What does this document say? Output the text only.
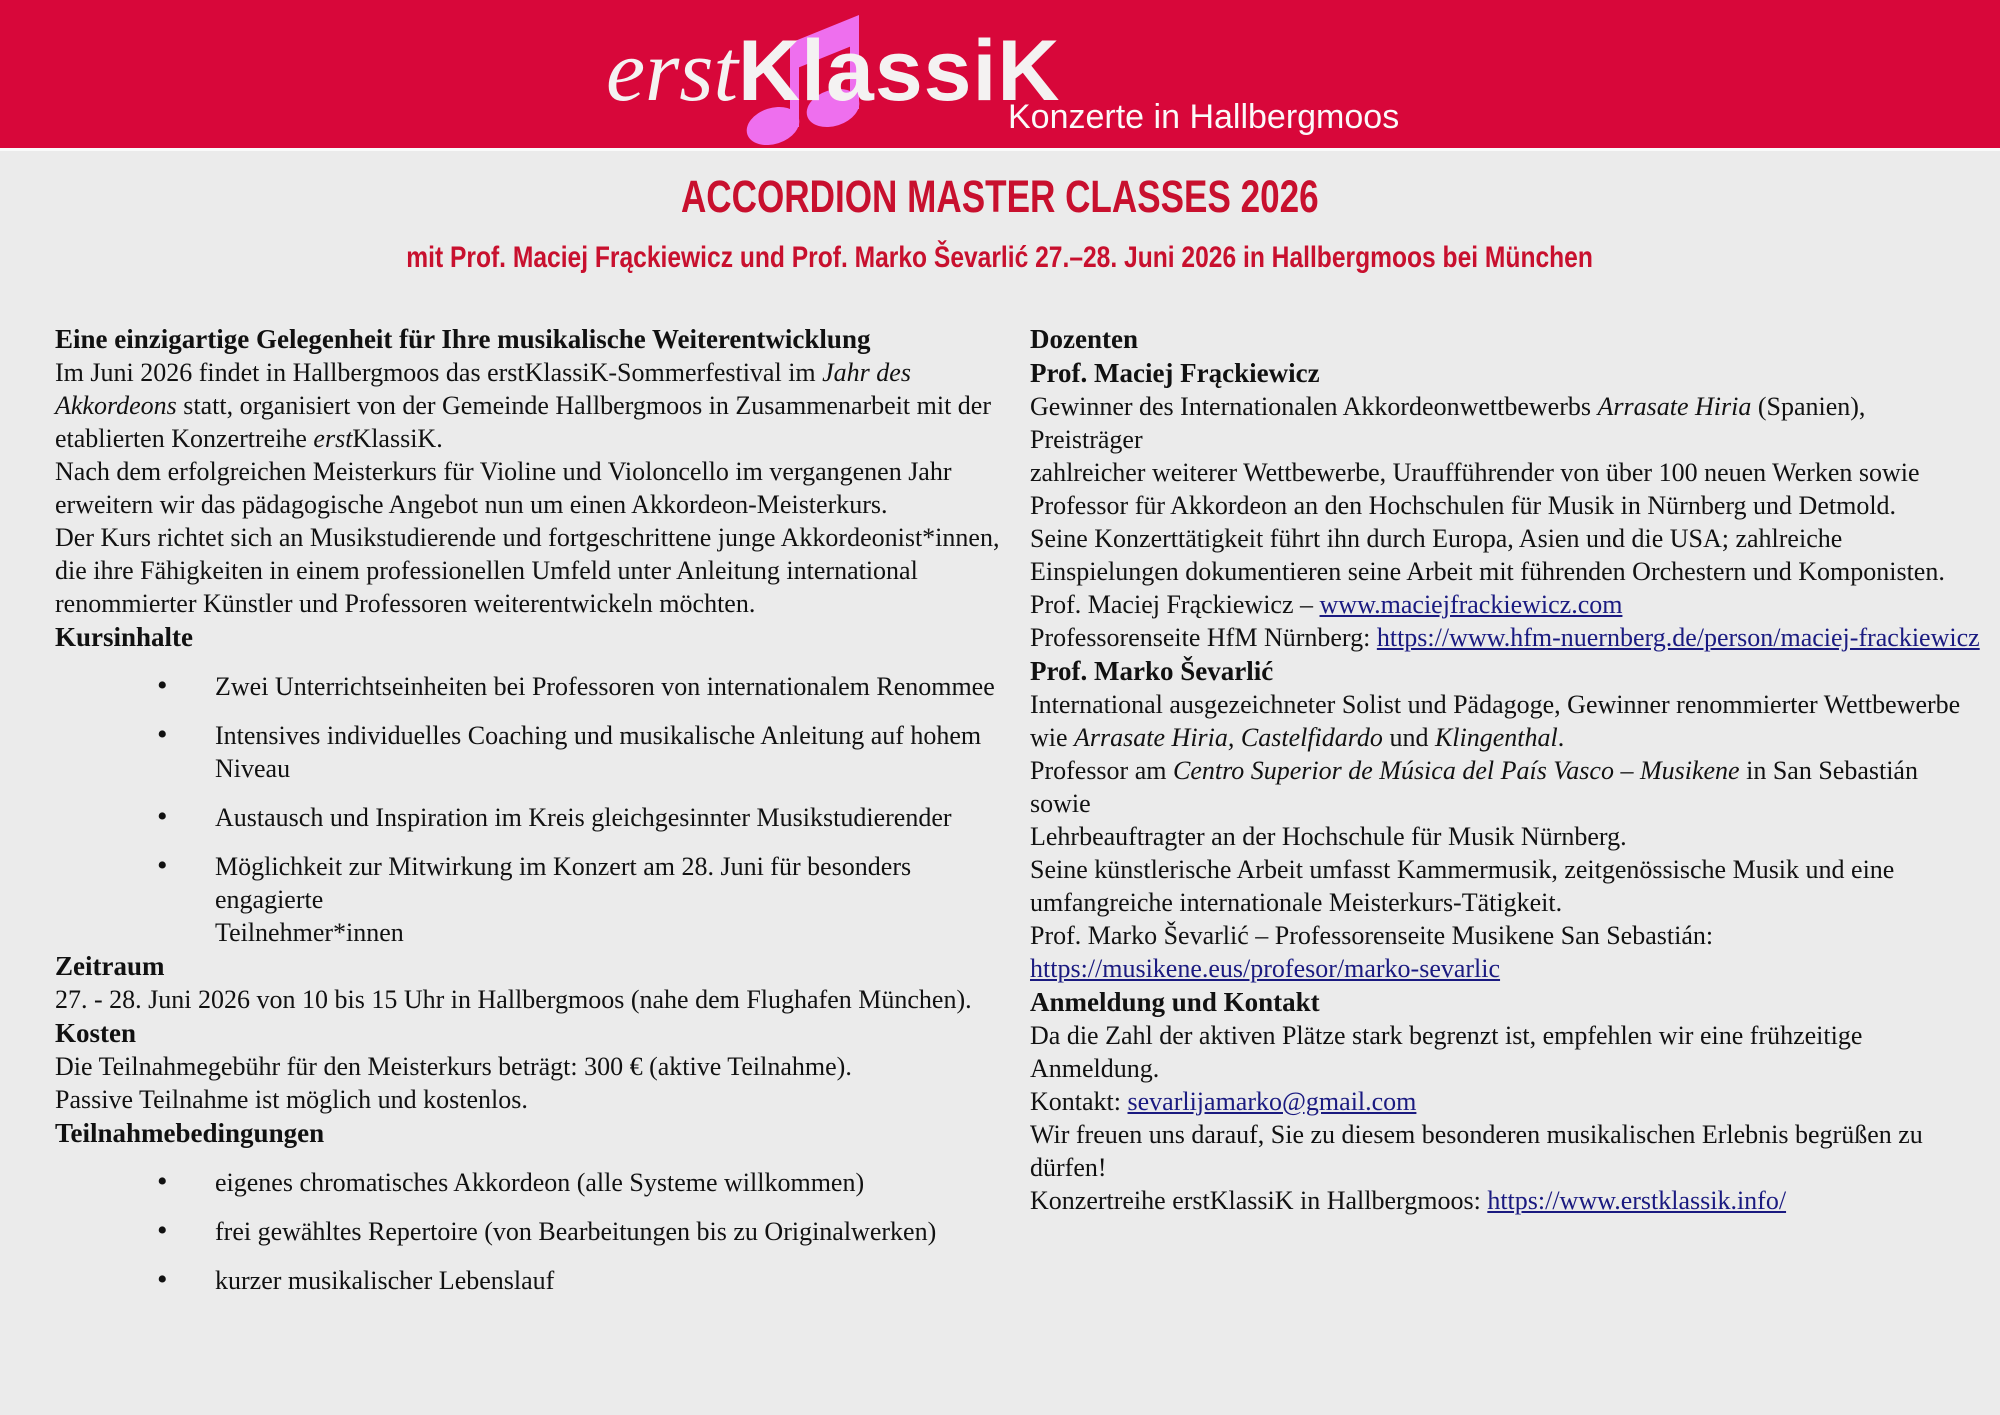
erstKlassiK
Konzerte in Hallbergmoos
ACCORDION MASTER CLASSES 2026
mit Prof. Maciej Frąckiewicz und Prof. Marko Ševarlić 27.–28. Juni 2026 in Hallbergmoos bei München
Eine einzigartige Gelegenheit für Ihre musikalische Weiterentwicklung

Im Juni 2026 findet in Hallbergmoos das erstKlassiK-Sommerfestival im Jahr des Akkordeons statt, organisiert von der Gemeinde Hallbergmoos in Zusammenarbeit mit der etablierten Konzertreihe erstKlassiK.
Nach dem erfolgreichen Meisterkurs für Violine und Violoncello im vergangenen Jahr erweitern wir das pädagogische Angebot nun um einen Akkordeon-Meisterkurs.

Der Kurs richtet sich an Musikstudierende und fortgeschrittene junge Akkordeonist*innen, die ihre Fähigkeiten in einem professionellen Umfeld unter Anleitung international renommierter Künstler und Professoren weiterentwickeln möchten.

Kursinhalte
• Zwei Unterrichtseinheiten bei Professoren von internationalem Renommee
• Intensives individuelles Coaching und musikalische Anleitung auf hohem Niveau
• Austausch und Inspiration im Kreis gleichgesinnter Musikstudierender
• Möglichkeit zur Mitwirkung im Konzert am 28. Juni für besonders engagierte
Teilnehmer*innen
Zeitraum

27. - 28. Juni 2026 von 10 bis 15 Uhr in Hallbergmoos (nahe dem Flughafen München).

Kosten

Die Teilnahmegebühr für den Meisterkurs beträgt: 300 € (aktive Teilnahme).

Passive Teilnahme ist möglich und kostenlos.

Teilnahmebedingungen
• eigenes chromatisches Akkordeon (alle Systeme willkommen)
• frei gewähltes Repertoire (von Bearbeitungen bis zu Originalwerken)
• kurzer musikalischer Lebenslauf
Dozenten
Prof. Maciej Frąckiewicz

Gewinner des Internationalen Akkordeonwettbewerbs Arrasate Hiria (Spanien), Preisträger
zahlreicher weiterer Wettbewerbe, Uraufführender von über 100 neuen Werken sowie
Professor für Akkordeon an den Hochschulen für Musik in Nürnberg und Detmold.
Seine Konzerttätigkeit führt ihn durch Europa, Asien und die USA; zahlreiche
Einspielungen dokumentieren seine Arbeit mit führenden Orchestern und Komponisten.

Prof. Maciej Frąckiewicz – www.maciejfrackiewicz.com
Professorenseite HfM Nürnberg: https://www.hfm-nuernberg.de/person/maciej-frackiewicz

Prof. Marko Ševarlić

International ausgezeichneter Solist und Pädagoge, Gewinner renommierter Wettbewerbe
wie Arrasate Hiria, Castelfidardo und Klingenthal.
Professor am Centro Superior de Música del País Vasco – Musikene in San Sebastián sowie
Lehrbeauftragter an der Hochschule für Musik Nürnberg.
Seine künstlerische Arbeit umfasst Kammermusik, zeitgenössische Musik und eine
umfangreiche internationale Meisterkurs-Tätigkeit.

Prof. Marko Ševarlić – Professorenseite Musikene San Sebastián:
https://musikene.eus/profesor/marko-sevarlic

Anmeldung und Kontakt

Da die Zahl der aktiven Plätze stark begrenzt ist, empfehlen wir eine frühzeitige
Anmeldung.
Kontakt: sevarlijamarko@gmail.com

Wir freuen uns darauf, Sie zu diesem besonderen musikalischen Erlebnis begrüßen zu
dürfen!

Konzertreihe erstKlassiK in Hallbergmoos: https://www.erstklassik.info/
